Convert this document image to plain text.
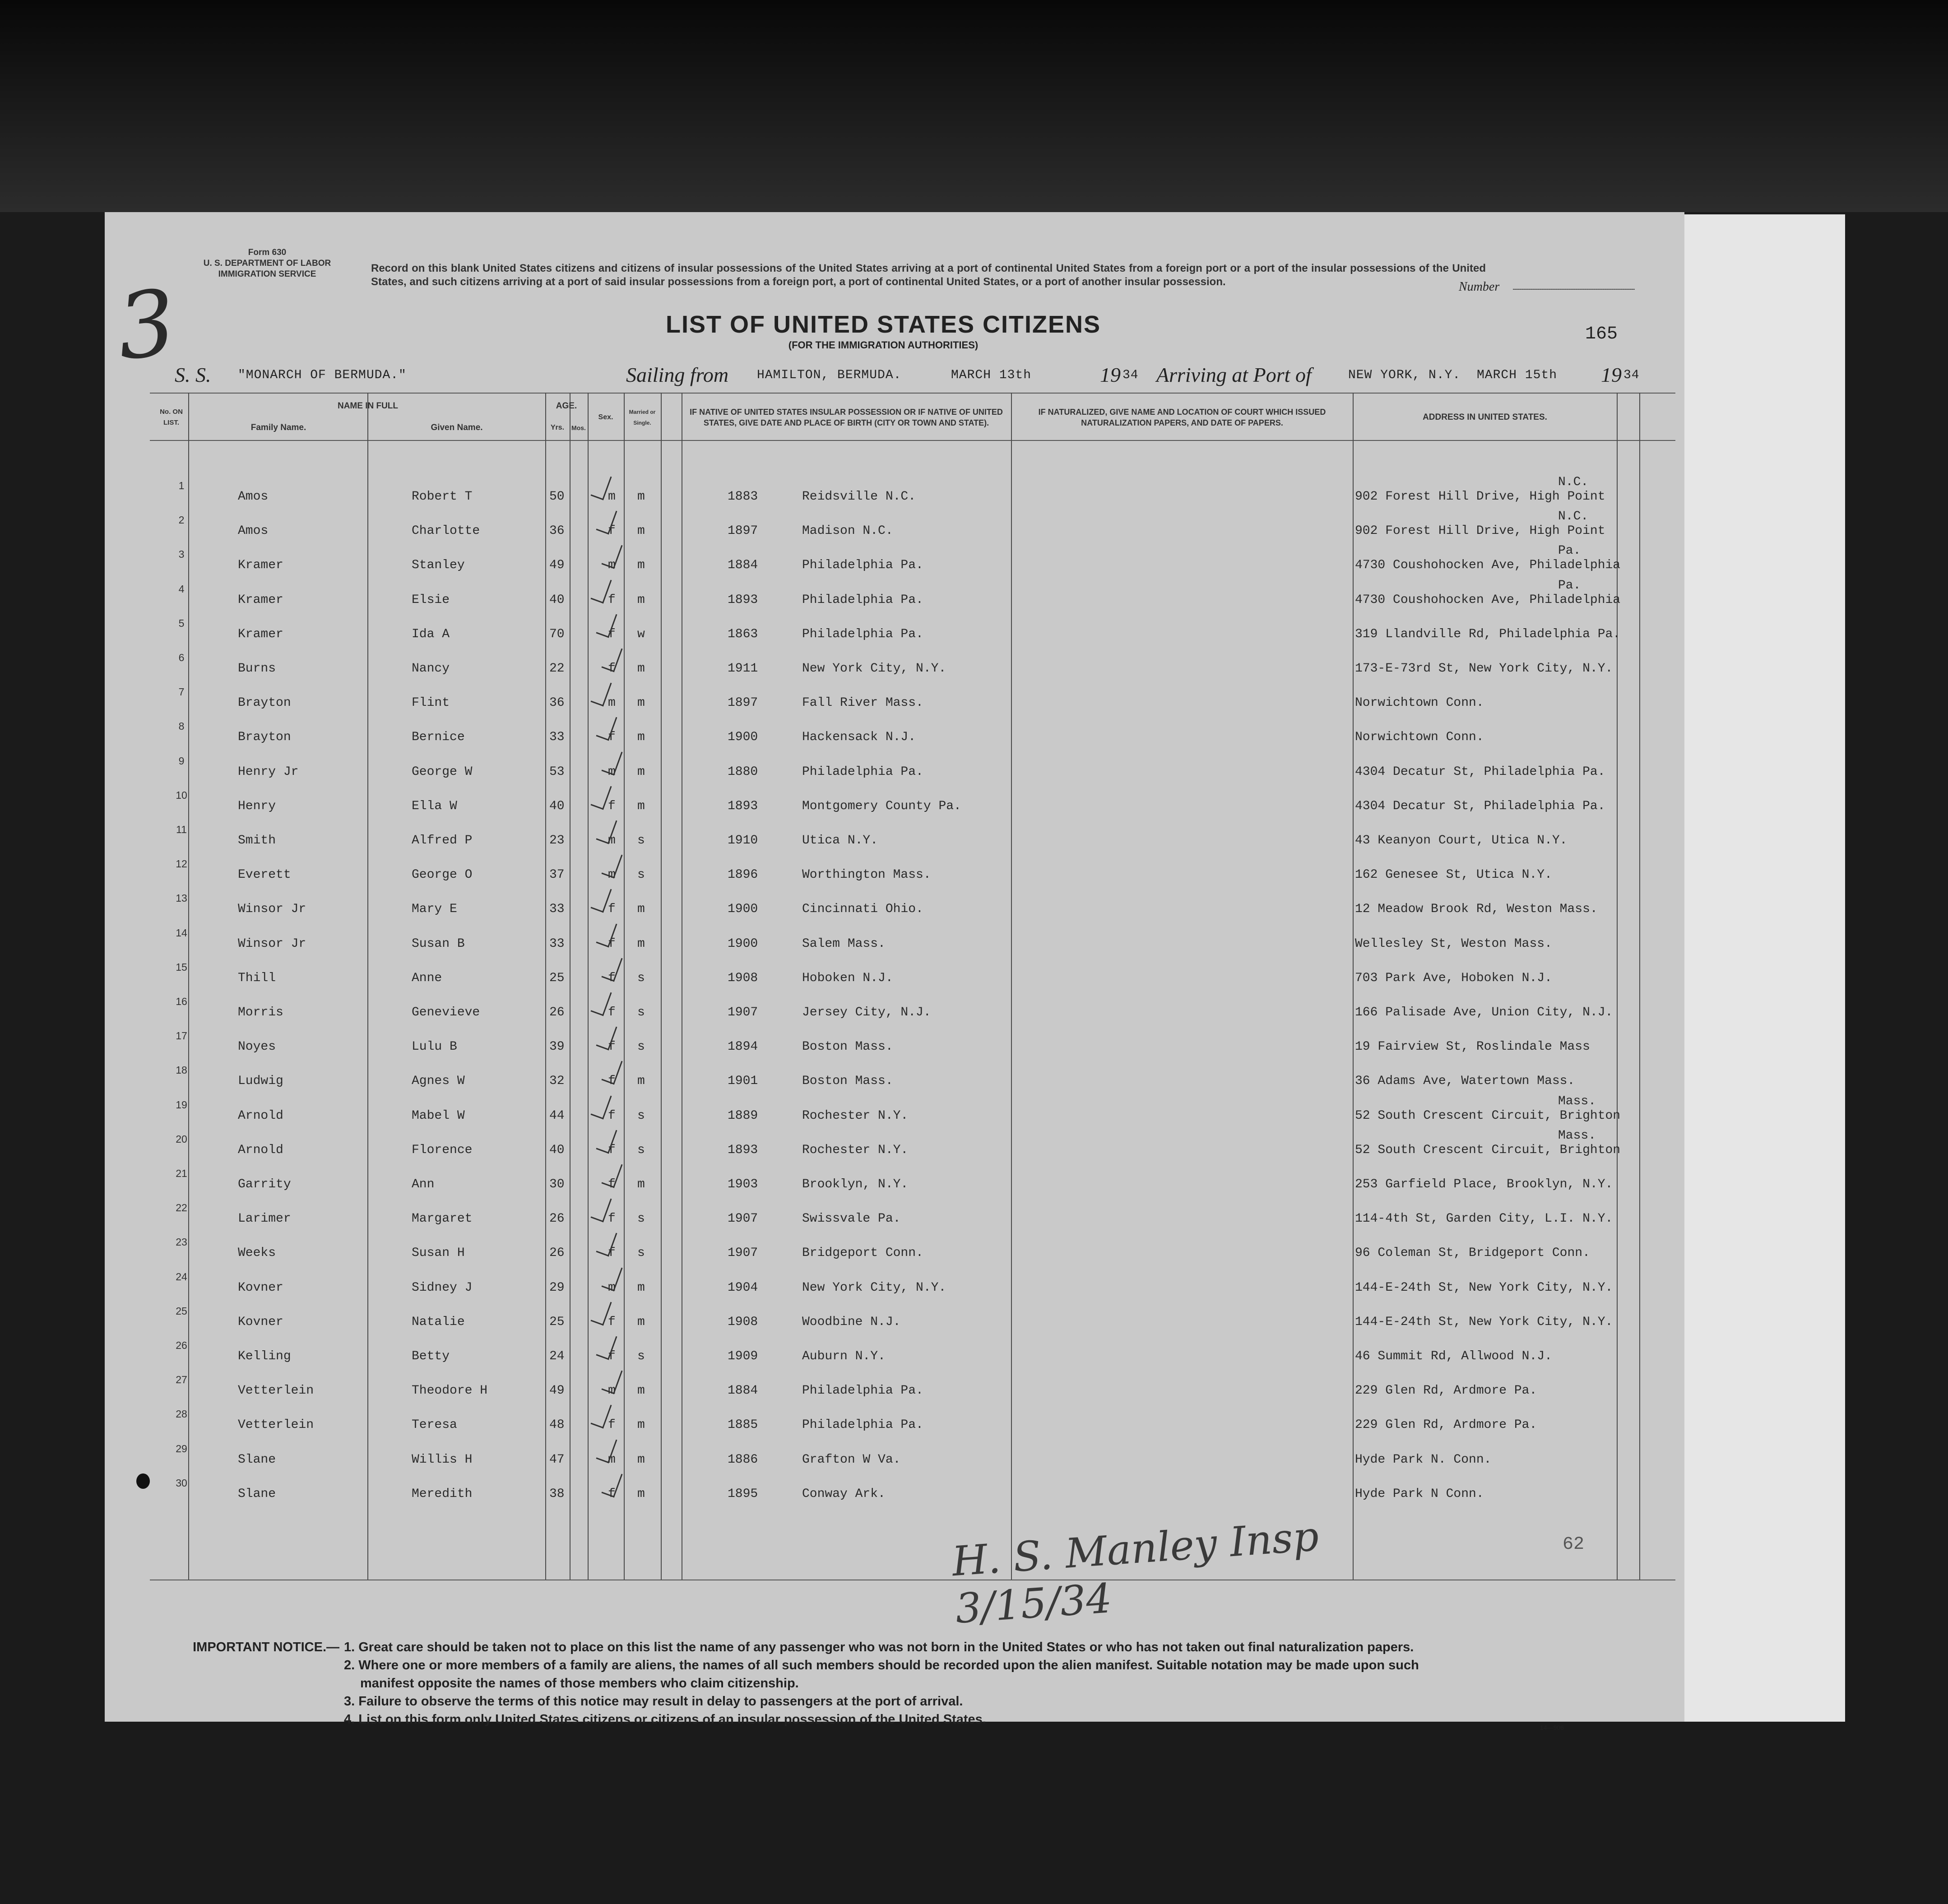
3
Form 630
U. S. DEPARTMENT OF LABOR
IMMIGRATION SERVICE	Record on this blank United States citizens and citizens of insular possessions of the United States arriving at a port of continental United States from a foreign port or a port of the insular possessions of the United States, and such citizens arriving at a port of said insular possessions from a foreign port, a port of continental United States, or a port of another insular possession.	Number
LIST OF UNITED STATES CITIZENS
(FOR THE IMMIGRATION AUTHORITIES)
165
S. S. "MONARCH OF BERMUDA."	Sailing from HAMILTON, BERMUDA.	MARCH 13th	19 34 Arriving at Port of	NEW YORK, N.Y. MARCH 15th 19 34
No. ON LIST.
NAME IN FULL
Family Name.	Given Name.
AGE.
Yrs.	Mos.
Sex.
Married or Single.
IF NATIVE OF UNITED STATES INSULAR POSSESSION OR IF NATIVE OF UNITED STATES, GIVE DATE AND PLACE OF BIRTH (CITY OR TOWN AND STATE).
IF NATURALIZED, GIVE NAME AND LOCATION OF COURT WHICH ISSUED NATURALIZATION PAPERS, AND DATE OF PAPERS.
ADDRESS IN UNITED STATES.
1
Amos	Robert T	50	m m	1883	Reidsville N.C.	902 Forest Hill Drive, High Point
N.C.
2
Amos	Charlotte	36	f m	1897	Madison N.C.	902 Forest Hill Drive, High Point
N.C.
3
Kramer	Stanley	49	m m	1884	Philadelphia Pa.	4730 Coushohocken Ave, Philadelphia
Pa.
4
Kramer	Elsie	40	f m	1893	Philadelphia Pa.	4730 Coushohocken Ave, Philadelphia
Pa.
5
Kramer	Ida A	70	f w	1863	Philadelphia Pa.	319 Llandville Rd, Philadelphia Pa.
6
Burns	Nancy	22	f m	1911	New York City, N.Y.	173-E-73rd St, New York City, N.Y.
7
Brayton	Flint	36	m m	1897	Fall River Mass.	Norwichtown Conn.
8
Brayton	Bernice	33	f m	1900	Hackensack N.J.	Norwichtown Conn.
9
Henry Jr	George W	53	m m	1880	Philadelphia Pa.	4304 Decatur St, Philadelphia Pa.
10
Henry	Ella W	40	f m	1893	Montgomery County Pa.	4304 Decatur St, Philadelphia Pa.
11
Smith	Alfred P	23	m s	1910	Utica N.Y.	43 Keanyon Court, Utica N.Y.
12
Everett	George O	37	m s	1896	Worthington Mass.	162 Genesee St, Utica N.Y.
13
Winsor Jr	Mary E	33	f m	1900	Cincinnati Ohio.	12 Meadow Brook Rd, Weston Mass.
14
Winsor Jr	Susan B	33	f m	1900	Salem Mass.	Wellesley St, Weston Mass.
15
Thill	Anne	25	f s	1908	Hoboken N.J.	703 Park Ave, Hoboken N.J.
16
Morris	Genevieve	26	f s	1907	Jersey City, N.J.	166 Palisade Ave, Union City, N.J.
17
Noyes	Lulu B	39	f s	1894	Boston Mass.	19 Fairview St, Roslindale Mass
18
Ludwig	Agnes W	32	f m	1901	Boston Mass.	36 Adams Ave, Watertown Mass.
19
Arnold	Mabel W	44	f s	1889	Rochester N.Y.	52 South Crescent Circuit, Brighton
Mass.
20
Arnold	Florence	40	f s	1893	Rochester N.Y.	52 South Crescent Circuit, Brighton
Mass.
21
Garrity	Ann	30	f m	1903	Brooklyn, N.Y.	253 Garfield Place, Brooklyn, N.Y.
22
Larimer	Margaret	26	f s	1907	Swissvale Pa.	114-4th St, Garden City, L.I. N.Y.
23
Weeks	Susan H	26	f s	1907	Bridgeport Conn.	96 Coleman St, Bridgeport Conn.
24
Kovner	Sidney J	29	m m	1904	New York City, N.Y.	144-E-24th St, New York City, N.Y.
25
Kovner	Natalie	25	f m	1908	Woodbine N.J.	144-E-24th St, New York City, N.Y.
26
Kelling	Betty	24	f s	1909	Auburn N.Y.	46 Summit Rd, Allwood N.J.
27
Vetterlein	Theodore H	49	m m	1884	Philadelphia Pa.	229 Glen Rd, Ardmore Pa.
28
Vetterlein	Teresa	48	f m	1885	Philadelphia Pa.	229 Glen Rd, Ardmore Pa.
29
Slane	Willis H	47	m m	1886	Grafton W Va.	Hyde Park N. Conn.
30
Slane	Meredith	38	f m	1895	Conway Ark.	Hyde Park N Conn.
H. S. Manley Insp 3/15/34
62
IMPORTANT NOTICE.— 1. Great care should be taken not to place on this list the name of any passenger who was not born in the United States or who has not taken out final naturalization papers.
2. Where one or more members of a family are aliens, the names of all such members should be recorded upon the alien manifest. Suitable notation may be made upon such
manifest opposite the names of those members who claim citizenship.
3. Failure to observe the terms of this notice may result in delay to passengers at the port of arrival.
4. List on this form only United States citizens or citizens of an insular possession of the United States.
14—906
